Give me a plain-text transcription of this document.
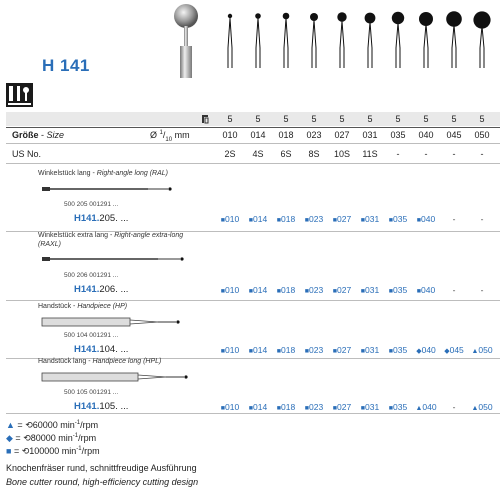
H 141
5	5	5	5	5	5	5	5	5	5
Größe - Size	Ø $^1/_{10}$ mm	010	014	018	023	027	031	035	040	045	050
US No.	2S	4S	6S	8S	10S	11S	-	-	-	-
Winkelstück lang - Right-angle long (RAL)
500 205 001291 ...
H141.205. ...	■010	■014	■018	■023	■027	■031	■035	■040	-	-
Winkelstück extra lang - Right-angle extra-long
(RAXL)
500 206 001291 ...
H141.206. ...	■010	■014	■018	■023	■027	■031	■035	■040	-	-
Handstück - Handpiece (HP)
500 104 001291 ...
H141.104. ...	■010	■014	■018	■023	■027	■031	■035	◆040	◆045	▲050
Handstück lang - Handpiece long (HPL)
500 105 001291 ...
H141.105. ...	■010	■014	■018	■023	■027	■031	■035	▲040	-	▲050
▲ = ⟲60000 $\min^{-1}$/rpm
◆ = ⟲80000 $\min^{-1}$/rpm
■ = ⟲100000 $\min^{-1}$/rpm
Knochenfräser rund, schnittfreudige Ausführung
Bone cutter round, high-efficiency cutting design
